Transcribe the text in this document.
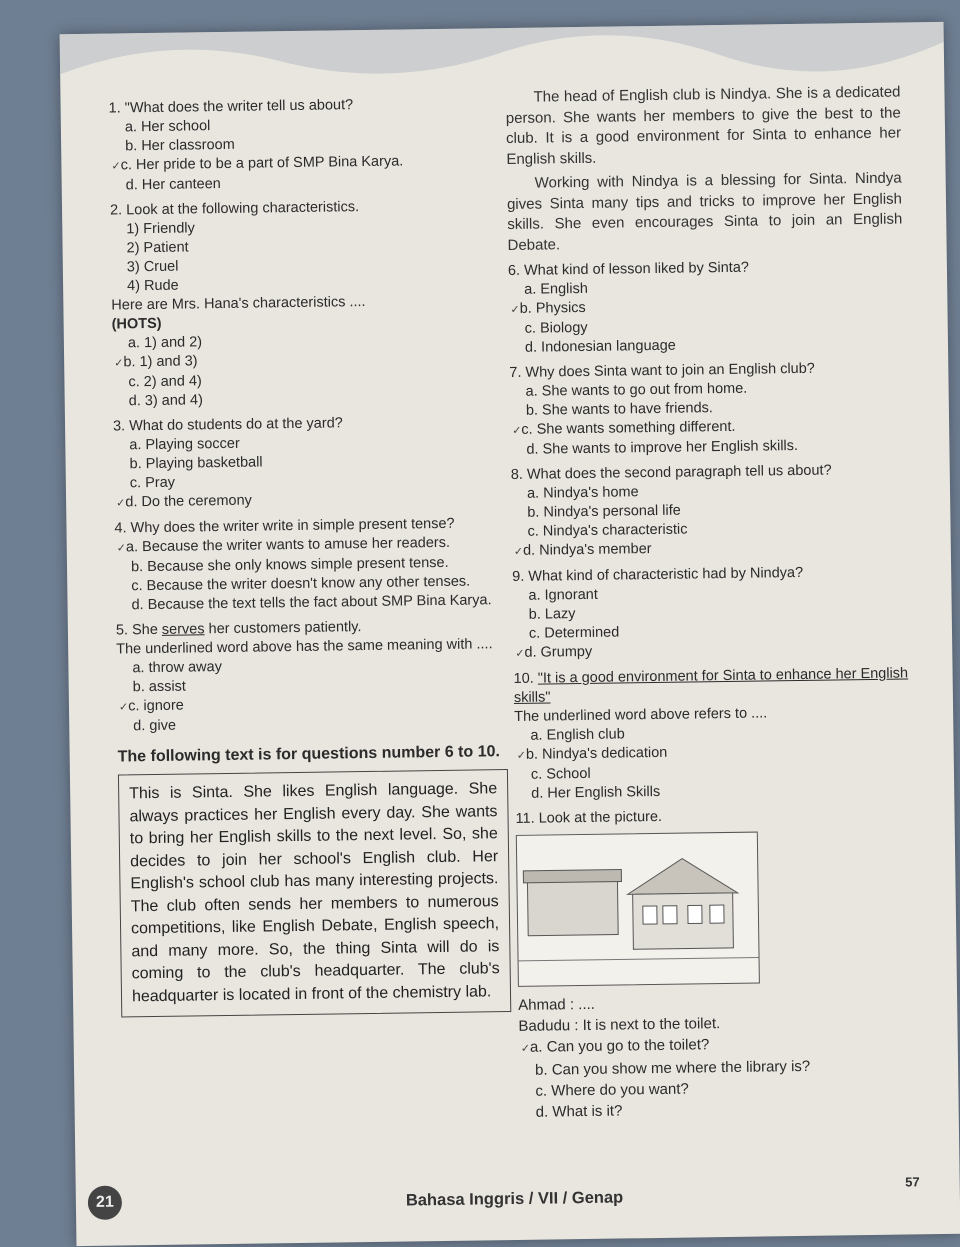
1. "What does the writer tell us about?
a. Her school
b. Her classroom
✓ c. Her pride to be a part of SMP Bina Karya.
d. Her canteen
2. Look at the following characteristics.
1) Friendly
2) Patient
3) Cruel
4) Rude
Here are Mrs. Hana's characteristics ....
(HOTS)
a. 1) and 2)
✓ b. 1) and 3)
c. 2) and 4)
d. 3) and 4)
3. What do students do at the yard?
a. Playing soccer
b. Playing basketball
c. Pray
✓ d. Do the ceremony
4. Why does the writer write in simple present tense?
✓ a. Because the writer wants to amuse her readers.
b. Because she only knows simple present tense.
c. Because the writer doesn't know any other tenses.
d. Because the text tells the fact about SMP Bina Karya.
5. She serves her customers patiently.
The underlined word above has the same meaning with ....
a. throw away
b. assist
✓ c. ignore
d. give
The following text is for questions number 6 to 10.
This is Sinta. She likes English language. She always practices her English every day. She wants to bring her English skills to the next level. So, she decides to join her school's English club. Her English's school club has many interesting projects. The club often sends her members to numerous competitions, like English Debate, English speech, and many more. So, the thing Sinta will do is coming to the club's headquarter. The club's headquarter is located in front of the chemistry lab.

The head of English club is Nindya. She is a dedicated person. She wants her members to give the best to the club. It is a good environment for Sinta to enhance her English skills.

Working with Nindya is a blessing for Sinta. Nindya gives Sinta many tips and tricks to improve her English skills. She even encourages Sinta to join an English Debate.

6. What kind of lesson liked by Sinta?
a. English
✓ b. Physics
c. Biology
d. Indonesian language
7. Why does Sinta want to join an English club?
a. She wants to go out from home.
b. She wants to have friends.
✓ c. She wants something different.
d. She wants to improve her English skills.
8. What does the second paragraph tell us about?
a. Nindya's home
b. Nindya's personal life
c. Nindya's characteristic
✓ d. Nindya's member
9. What kind of characteristic had by Nindya?
a. Ignorant
b. Lazy
c. Determined
✓ d. Grumpy
10. "It is a good environment for Sinta to enhance her English skills"
The underlined word above refers to ....
a. English club
✓ b. Nindya's dedication
c. School
d. Her English Skills
11. Look at the picture.
Ahmad : ....
Badudu : It is next to the toilet.
✓ a. Can you go to the toilet?
b. Can you show me where the library is?
c. Where do you want?
d. What is it?
21	Bahasa Inggris / VII / Genap
57
